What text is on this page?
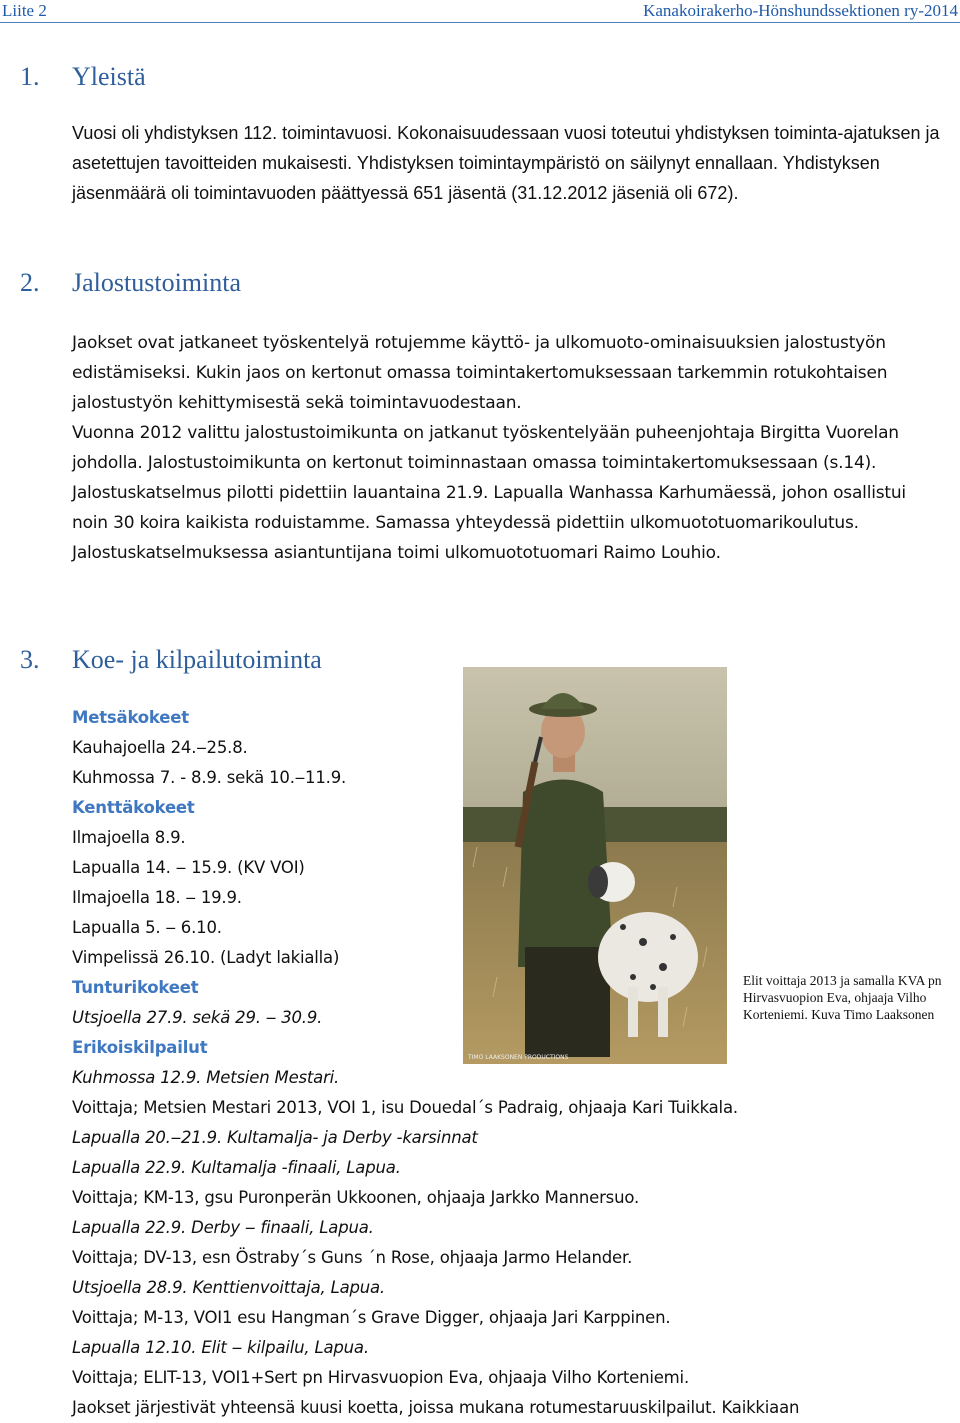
Liite 2	Kanakoirakerho-Hönshundssektionen ry-2014
1. Yleistä

Vuosi oli yhdistyksen 112. toimintavuosi. Kokonaisuudessaan vuosi toteutui yhdistyksen toiminta-ajatuksen ja asetettujen tavoitteiden mukaisesti. Yhdistyksen toimintaympäristö on säilynyt ennallaan. Yhdistyksen jäsenmäärä oli toimintavuoden päättyessä 651 jäsentä (31.12.2012 jäseniä oli 672).

2. Jalostustoiminta

Jaokset ovat jatkaneet työskentelyä rotujemme käyttö- ja ulkomuoto-ominaisuuksien jalostustyön edistämiseksi. Kukin jaos on kertonut omassa toimintakertomuksessaan tarkemmin rotukohtaisen jalostustyön kehittymisestä sekä toimintavuodestaan.

Vuonna 2012 valittu jalostustoimikunta on jatkanut työskentelyään puheenjohtaja Birgitta Vuorelan johdolla. Jalostustoimikunta on kertonut toiminnastaan omassa toimintakertomuksessaan (s.14). Jalostuskatselmus pilotti pidettiin lauantaina 21.9. Lapualla Wanhassa Karhumäessä, johon osallistui noin 30 koira kaikista roduistamme. Samassa yhteydessä pidettiin ulkomuototuomarikoulutus. Jalostuskatselmuksessa asiantuntijana toimi ulkomuototuomari Raimo Louhio.

3. Koe- ja kilpailutoiminta
Metsäkokeet
Kauhajoella 24.‒25.8.
Kuhmossa 7. - 8.9. sekä 10.‒11.9.
Kenttäkokeet
Ilmajoella 8.9.
Lapualla 14. ‒ 15.9. (KV VOI)
Ilmajoella 18. ‒ 19.9.
Lapualla 5. ‒ 6.10.
Vimpelissä 26.10. (Ladyt lakialla)
Tunturikokeet
Utsjoella 27.9. sekä 29. ‒ 30.9.
Erikoiskilpailut
Kuhmossa 12.9. Metsien Mestari.
Voittaja; Metsien Mestari 2013, VOI 1, isu Douedal´s Padraig, ohjaaja Kari Tuikkala.
Lapualla 20.‒21.9. Kultamalja- ja Derby -karsinnat
Lapualla 22.9. Kultamalja -finaali, Lapua.
Voittaja; KM-13, gsu Puronperän Ukkoonen, ohjaaja Jarkko Mannersuo.
Lapualla 22.9. Derby ‒ finaali, Lapua.
Voittaja; DV-13, esn Östraby´s Guns ´n Rose, ohjaaja Jarmo Helander.
Utsjoella 28.9. Kenttienvoittaja, Lapua.
Voittaja; M-13, VOI1 esu Hangman´s Grave Digger, ohjaaja Jari Karppinen.
Lapualla 12.10. Elit ‒ kilpailu, Lapua.
Voittaja; ELIT-13, VOI1+Sert pn Hirvasvuopion Eva, ohjaaja Vilho Korteniemi.
Jaokset järjestivät yhteensä kuusi koetta, joissa mukana rotumestaruuskilpailut. Kaikkiaan
TIMO LAAKSONEN PRODUCTIONS
Elit voittaja 2013 ja samalla KVA pn Hirvasvuopion Eva, ohjaaja Vilho Korteniemi. Kuva Timo Laaksonen
